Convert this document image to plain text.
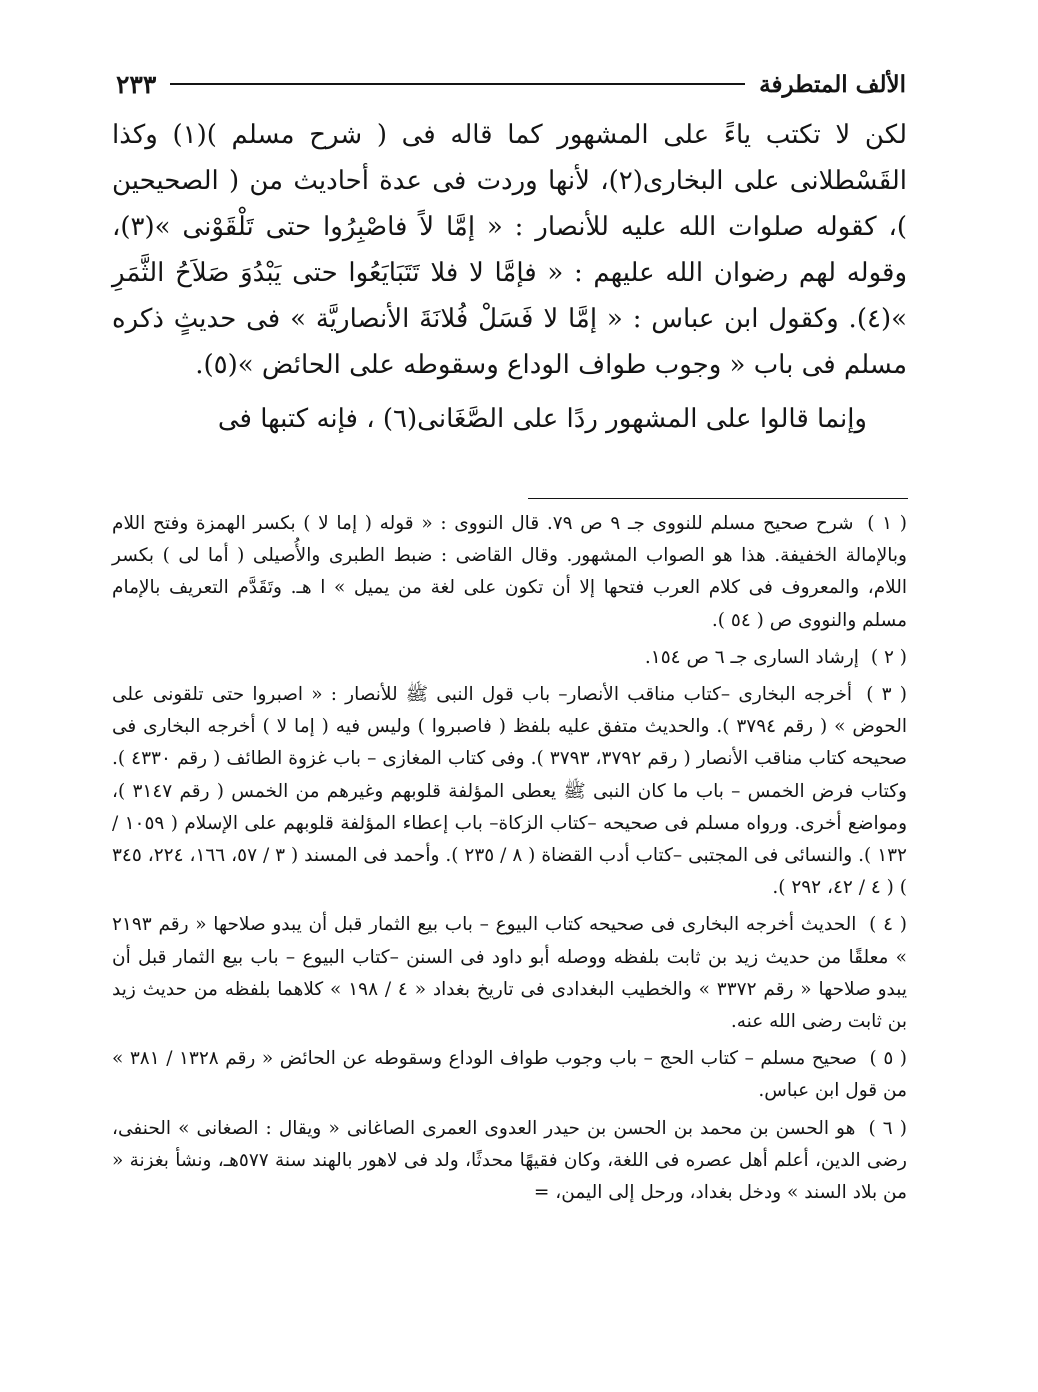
الألف المتطرفة
٢٣٣

لكن لا تكتب ياءً على المشهور كما قاله فى ( شرح مسلم )(١) وكذا القَسْطلانى على البخارى(٢)، لأنها وردت فى عدة أحاديث من ( الصحيحين )، كقوله صلوات الله عليه للأنصار : « إمَّا لاً فاصْبِرُوا حتى تَلْقَوْنى »(٣)، وقوله لهم رضوان الله عليهم : « فإمَّا لا فلا تَتَبَايَعُوا حتى يَبْدُوَ صَلاَحُ الثَّمَرِ »(٤). وكقول ابن عباس : « إمَّا لا فَسَلْ فُلانَةَ الأنصاريَّة » فى حديثٍ ذكره مسلم فى باب « وجوب طواف الوداع وسقوطه على الحائض »(٥).

وإنما قالوا على المشهور ردًا على الصَّغَانى(٦) ، فإنه كتبها فى

( ١ ) شرح صحيح مسلم للنووى جـ ٩ ص ٧٩. قال النووى : « قوله ( إما لا ) بكسر الهمزة وفتح اللام وبالإمالة الخفيفة. هذا هو الصواب المشهور. وقال القاضى : ضبط الطبرى والأُصيلى ( أما لى ) بكسر اللام، والمعروف فى كلام العرب فتحها إلا أن تكون على لغة من يميل » ا هـ. وتَقَدَّم التعريف بالإمام مسلم والنووى ص ( ٥٤ ).

( ٢ ) إرشاد السارى جـ ٦ ص ١٥٤.

( ٣ ) أخرجه البخارى –كتاب مناقب الأنصار– باب قول النبى ﷺ للأنصار : « اصبروا حتى تلقونى على الحوض » ( رقم ٣٧٩٤ ). والحديث متفق عليه بلفظ ( فاصبروا ) وليس فيه ( إما لا ) أخرجه البخارى فى صحيحه كتاب مناقب الأنصار ( رقم ٣٧٩٢، ٣٧٩٣ ). وفى كتاب المغازى – باب غزوة الطائف ( رقم ٤٣٣٠ ). وكتاب فرض الخمس – باب ما كان النبى ﷺ يعطى المؤلفة قلوبهم وغيرهم من الخمس ( رقم ٣١٤٧ )، ومواضع أخرى. ورواه مسلم فى صحيحه –كتاب الزكاة– باب إعطاء المؤلفة قلوبهم على الإسلام ( ١٠٥٩ / ١٣٢ ). والنسائى فى المجتبى –كتاب أدب القضاة ( ٨ / ٢٣٥ ). وأحمد فى المسند ( ٣ / ٥٧، ١٦٦، ٢٢٤، ٣٤٥ ) ( ٤ / ٤٢، ٢٩٢ ).

( ٤ ) الحديث أخرجه البخارى فى صحيحه كتاب البيوع – باب بيع الثمار قبل أن يبدو صلاحها « رقم ٢١٩٣ » معلقًا من حديث زيد بن ثابت بلفظه ووصله أبو داود فى السنن –كتاب البيوع – باب بيع الثمار قبل أن يبدو صلاحها « رقم ٣٣٧٢ » والخطيب البغدادى فى تاريخ بغداد « ٤ / ١٩٨ » كلاهما بلفظه من حديث زيد بن ثابت رضى الله عنه.

( ٥ ) صحيح مسلم – كتاب الحج – باب وجوب طواف الوداع وسقوطه عن الحائض « رقم ١٣٢٨ / ٣٨١ » من قول ابن عباس.

( ٦ ) هو الحسن بن محمد بن الحسن بن حيدر العدوى العمرى الصاغانى « ويقال : الصغانى » الحنفى، رضى الدين، أعلم أهل عصره فى اللغة، وكان فقيهًا محدثًا، ولد فى لاهور بالهند سنة ٥٧٧هـ، ونشأ بغزنة « من بلاد السند » ودخل بغداد، ورحل إلى اليمن، =
